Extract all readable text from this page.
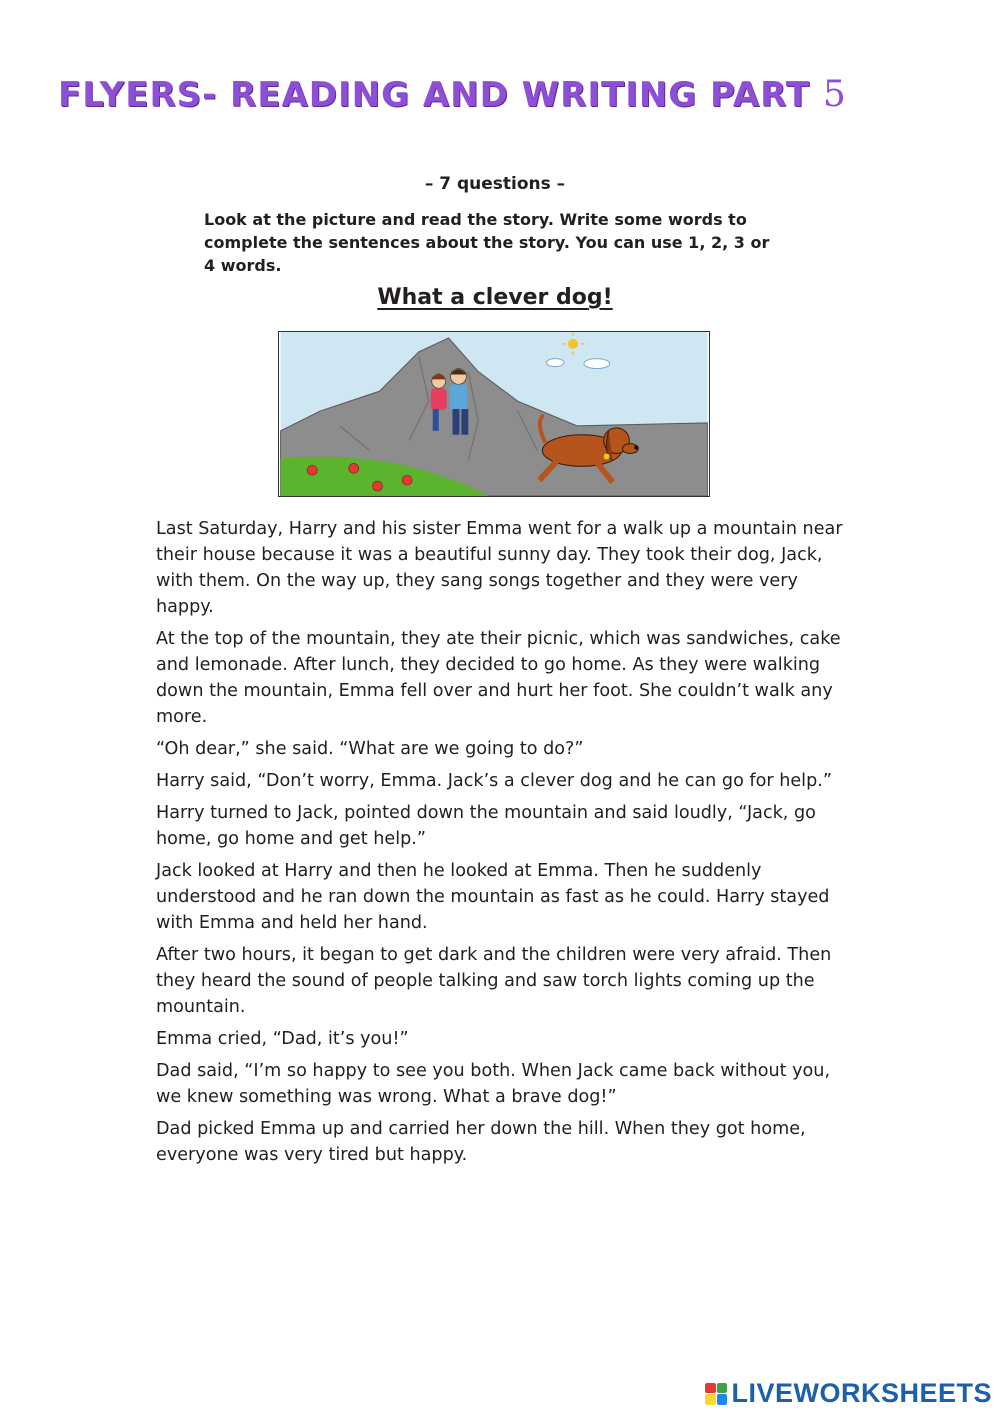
FLYERS- READING AND WRITING PART 5
– 7 questions –
Look at the picture and read the story. Write some words to complete the sentences about the story. You can use 1, 2, 3 or 4 words.
What a clever dog!

Last Saturday, Harry and his sister Emma went for a walk up a mountain near their house because it was a beautiful sunny day. They took their dog, Jack, with them. On the way up, they sang songs together and they were very happy.

At the top of the mountain, they ate their picnic, which was sandwiches, cake and lemonade. After lunch, they decided to go home. As they were walking down the mountain, Emma fell over and hurt her foot. She couldn’t walk any more.

“Oh dear,” she said. “What are we going to do?”

Harry said, “Don’t worry, Emma. Jack’s a clever dog and he can go for help.”

Harry turned to Jack, pointed down the mountain and said loudly, “Jack, go home, go home and get help.”

Jack looked at Harry and then he looked at Emma. Then he suddenly understood and he ran down the mountain as fast as he could. Harry stayed with Emma and held her hand.

After two hours, it began to get dark and the children were very afraid. Then they heard the sound of people talking and saw torch lights coming up the mountain.

Emma cried, “Dad, it’s you!”

Dad said, “I’m so happy to see you both. When Jack came back without you, we knew something was wrong. What a brave dog!”

Dad picked Emma up and carried her down the hill. When they got home, everyone was very tired but happy.

LIVEWORKSHEETS
